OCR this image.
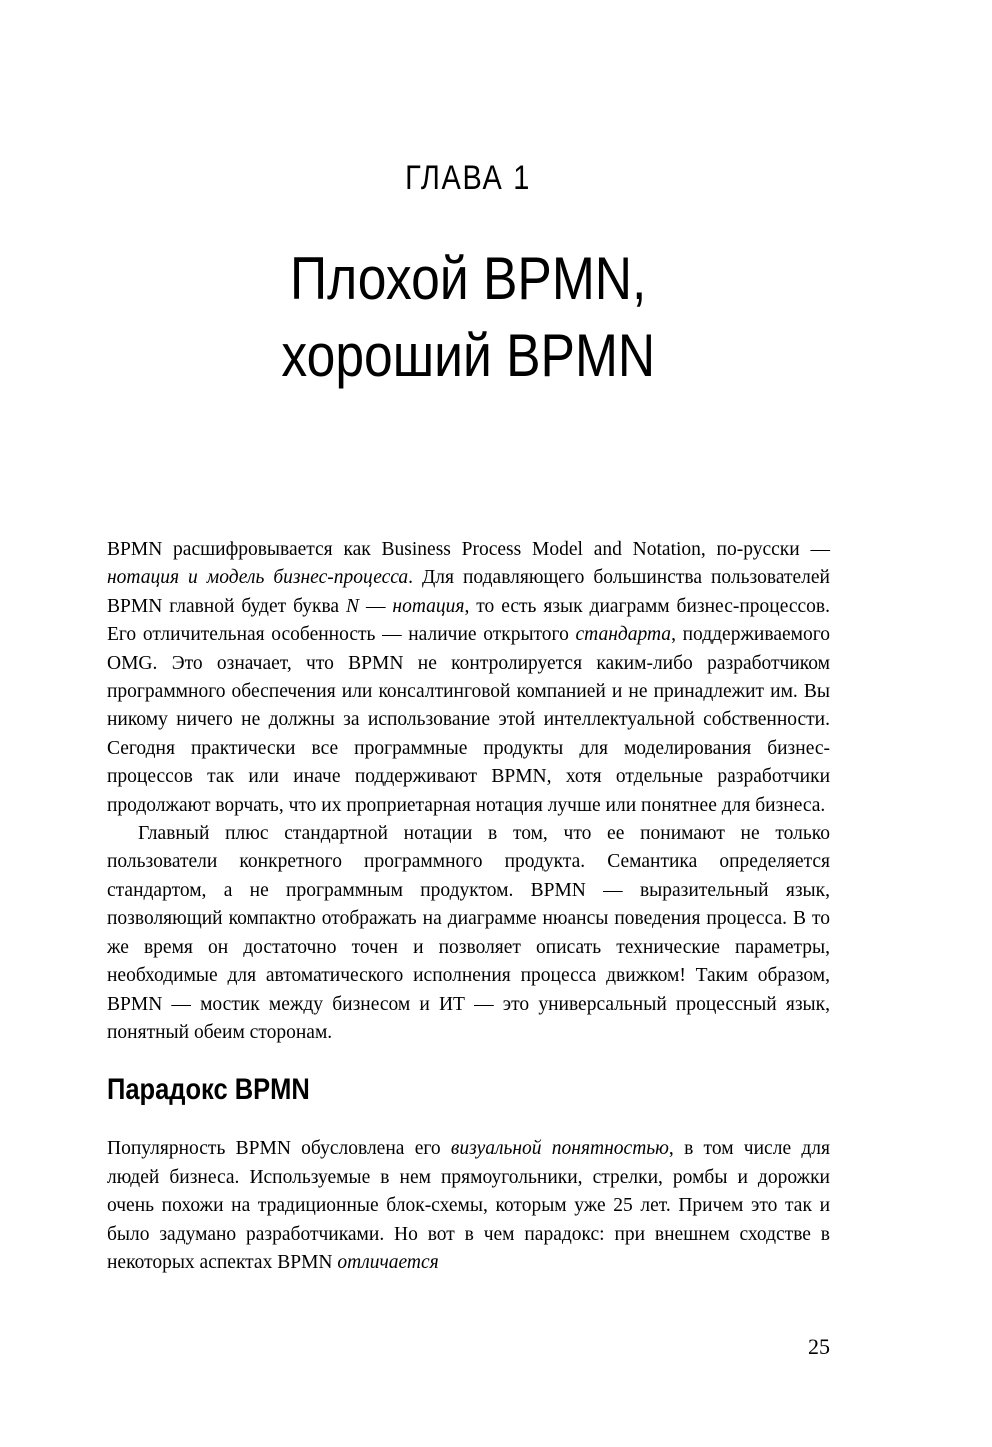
ГЛАВА 1
Плохой BPMN,
хороший BPMN

BPMN расшифровывается как Business Process Model and Notation, по-русски — нотация и модель бизнес-процесса. Для подавляющего большинства пользователей BPMN главной будет буква N — нотация, то есть язык диаграмм бизнес-процессов. Его отличительная особенность — наличие открытого стандарта, поддерживаемого OMG. Это означает, что BPMN не контролируется каким-либо разработчиком программного обеспечения или консалтинговой компанией и не принадлежит им. Вы никому ничего не должны за использование этой интеллектуальной собственности. Сегодня практически все программные продукты для моделирования бизнес-процессов так или иначе поддерживают BPMN, хотя отдельные разработчики продолжают ворчать, что их проприетарная нотация лучше или понятнее для бизнеса.

Главный плюс стандартной нотации в том, что ее понимают не только пользователи конкретного программного продукта. Семантика определяется стандартом, а не программным продуктом. BPMN — выразительный язык, позволяющий компактно отображать на диаграмме нюансы поведения процесса. В то же время он достаточно точен и позволяет описать технические параметры, необходимые для автоматического исполнения процесса движком! Таким образом, BPMN — мостик между бизнесом и ИТ — это универсальный процессный язык, понятный обеим сторонам.

Парадокс BPMN

Популярность BPMN обусловлена его визуальной понятностью, в том числе для людей бизнеса. Используемые в нем прямоугольники, стрелки, ромбы и дорожки очень похожи на традиционные блок-схемы, которым уже 25 лет. Причем это так и было задумано разработчиками. Но вот в чем парадокс: при внешнем сходстве в некоторых аспектах BPMN отличается

25
